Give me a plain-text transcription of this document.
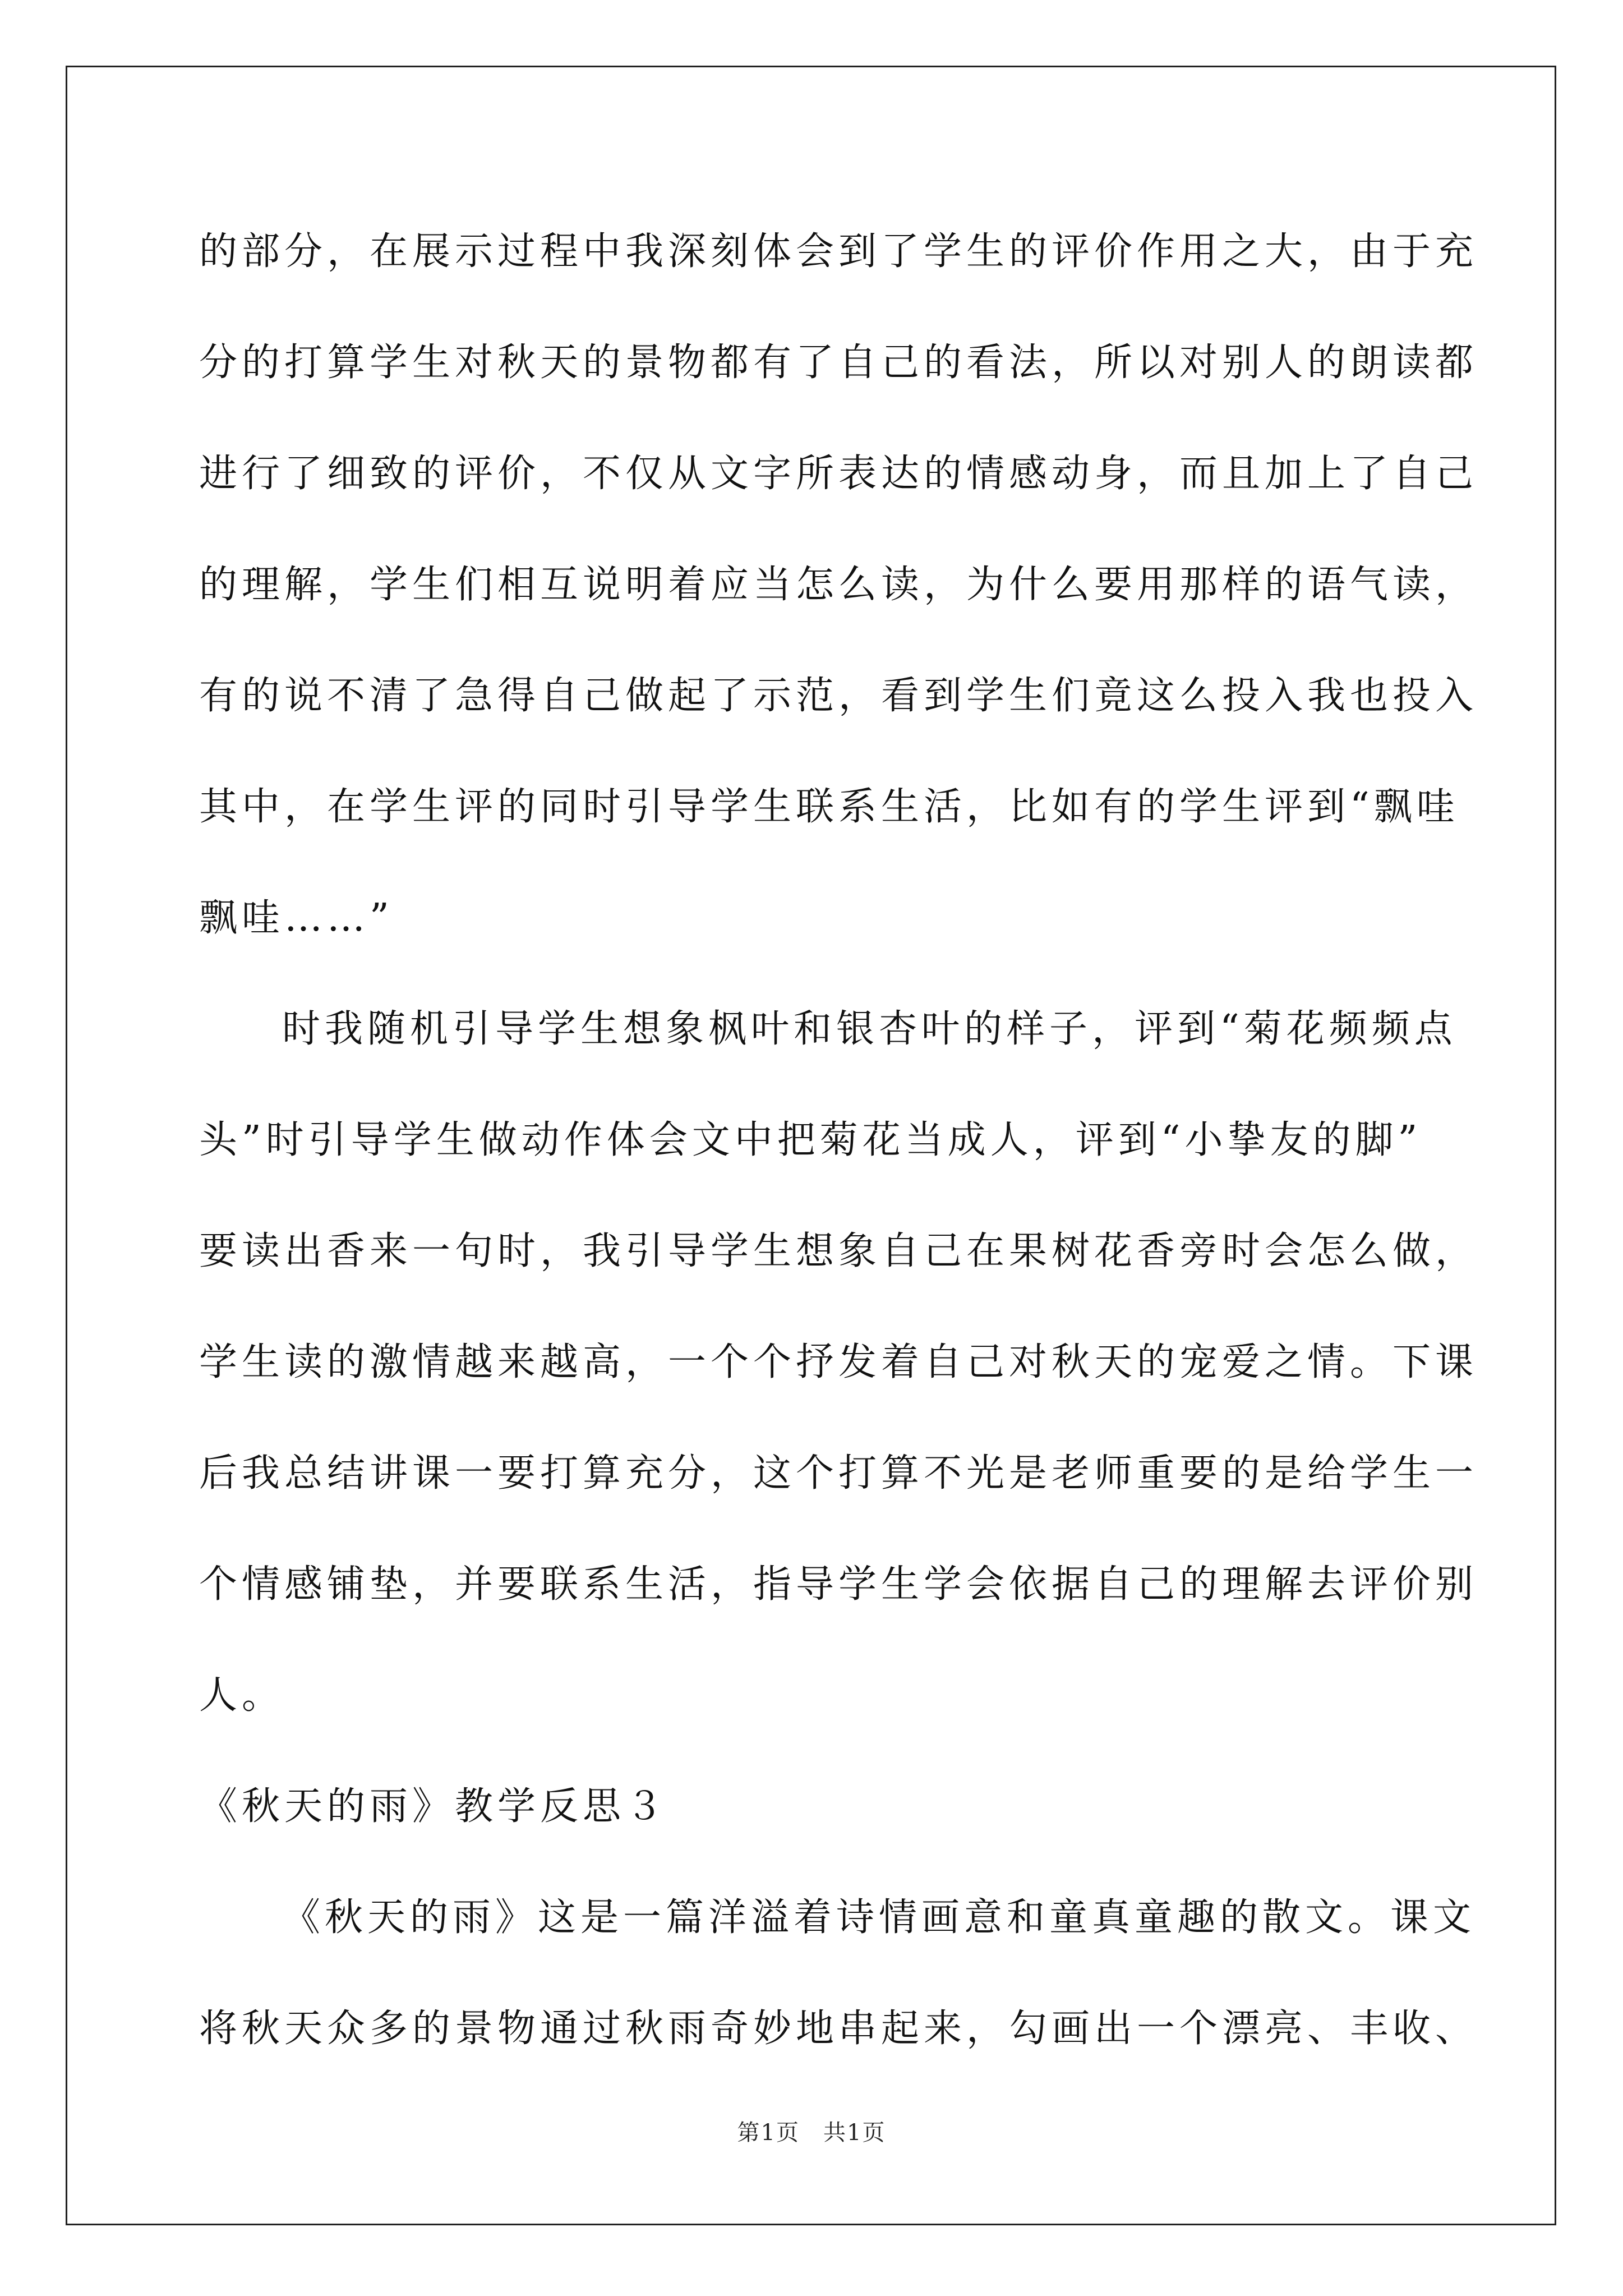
的部分，在展示过程中我深刻体会到了学生的评价作用之大，由于充
分的打算学生对秋天的景物都有了自己的看法，所以对别人的朗读都
进行了细致的评价，不仅从文字所表达的情感动身，而且加上了自己
的理解，学生们相互说明着应当怎么读，为什么要用那样的语气读，
有的说不清了急得自己做起了示范，看到学生们竟这么投入我也投入
其中，在学生评的同时引导学生联系生活，比如有的学生评到“飘哇
飘哇……”
时我随机引导学生想象枫叶和银杏叶的样子，评到“菊花频频点
头”时引导学生做动作体会文中把菊花当成人，评到“小挚友的脚”
要读出香来一句时，我引导学生想象自己在果树花香旁时会怎么做，
学生读的激情越来越高，一个个抒发着自己对秋天的宠爱之情。下课
后我总结讲课一要打算充分，这个打算不光是老师重要的是给学生一
个情感铺垫，并要联系生活，指导学生学会依据自己的理解去评价别
人。
《秋天的雨》教学反思３
《秋天的雨》这是一篇洋溢着诗情画意和童真童趣的散文。课文
将秋天众多的景物通过秋雨奇妙地串起来，勾画出一个漂亮、丰收、
第1页　共1页
